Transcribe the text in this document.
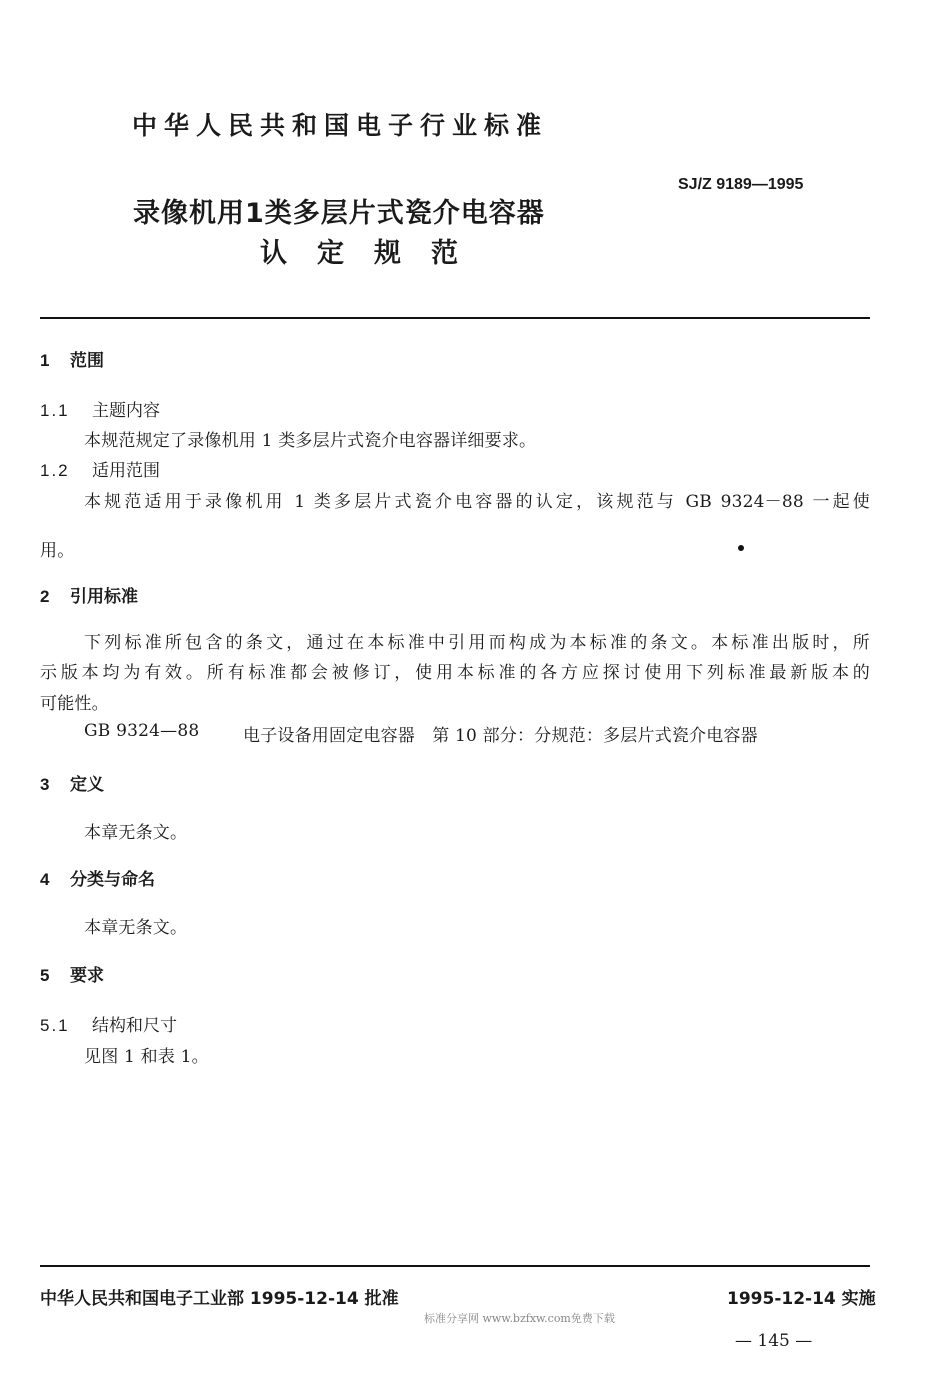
中华人民共和国电子行业标准
SJ/Z 9189—1995
录像机用1类多层片式瓷介电容器
认定规范
1 范围
1.1 主题内容
本规范规定了录像机用 1 类多层片式瓷介电容器详细要求。
1.2 适用范围
本规范适用于录像机用 1 类多层片式瓷介电容器的认定，该规范与 GB 9324－88 一起使
用。
2 引用标准
下列标准所包含的条文，通过在本标准中引用而构成为本标准的条文。本标准出版时，所
示版本均为有效。所有标准都会被修订，使用本标准的各方应探讨使用下列标准最新版本的
可能性。
GB 9324—88	电子设备用固定电容器　第 10 部分：分规范：多层片式瓷介电容器
3 定义
本章无条文。
4 分类与命名
本章无条文。
5 要求
5.1 结构和尺寸
见图 1 和表 1。
中华人民共和国电子工业部 1995-12-14 批准	1995-12-14 实施
标准分享网 www.bzfxw.com免费下载
— 145 —
